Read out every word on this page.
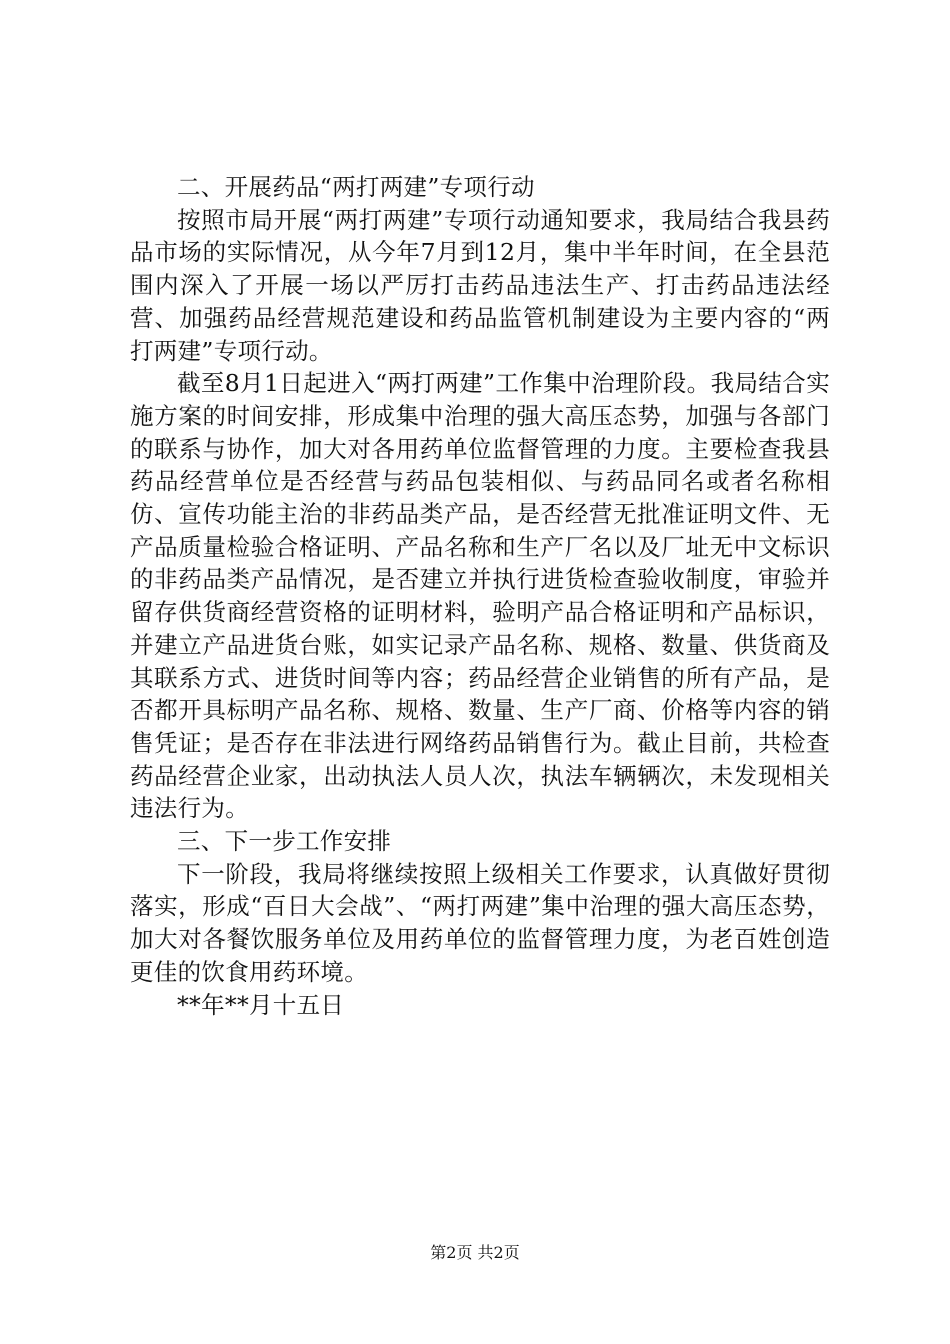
二、开展药品“两打两建”专项行动

按照市局开展“两打两建”专项行动通知要求，我局结合我县药品市场的实际情况，从今年7月到12月，集中半年时间，在全县范围内深入了开展一场以严厉打击药品违法生产、打击药品违法经营、加强药品经营规范建设和药品监管机制建设为主要内容的“两打两建”专项行动。

截至8月1日起进入“两打两建”工作集中治理阶段。我局结合实施方案的时间安排，形成集中治理的强大高压态势，加强与各部门的联系与协作，加大对各用药单位监督管理的力度。主要检查我县药品经营单位是否经营与药品包装相似、与药品同名或者名称相仿、宣传功能主治的非药品类产品，是否经营无批准证明文件、无产品质量检验合格证明、产品名称和生产厂名以及厂址无中文标识的非药品类产品情况，是否建立并执行进货检查验收制度，审验并留存供货商经营资格的证明材料，验明产品合格证明和产品标识，并建立产品进货台账，如实记录产品名称、规格、数量、供货商及其联系方式、进货时间等内容；药品经营企业销售的所有产品，是否都开具标明产品名称、规格、数量、生产厂商、价格等内容的销售凭证；是否存在非法进行网络药品销售行为。截止目前，共检查药品经营企业家，出动执法人员人次，执法车辆辆次，未发现相关违法行为。

三、下一步工作安排

下一阶段，我局将继续按照上级相关工作要求，认真做好贯彻落实，形成“百日大会战”、“两打两建”集中治理的强大高压态势，加大对各餐饮服务单位及用药单位的监督管理力度，为老百姓创造更佳的饮食用药环境。

**年**月十五日

第2页 共2页
